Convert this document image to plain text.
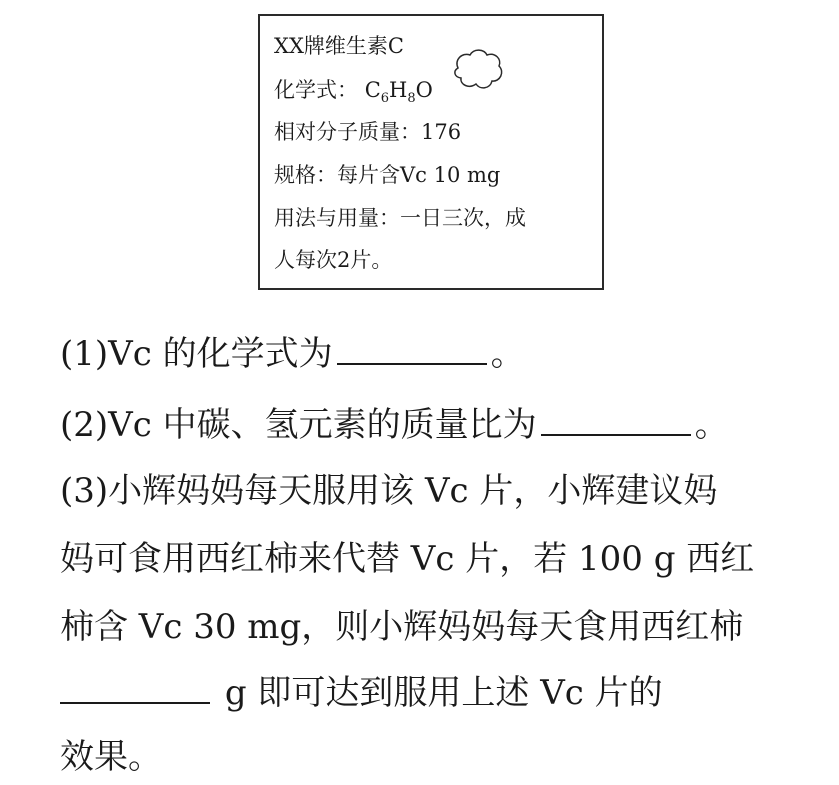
XX牌维生素C
化学式： $C_6H_8O$
相对分子质量：176
规格：每片含Vc 10 mg
用法与用量：一日三次，成
人每次2片。
(1)Vc 的化学式为	。
(2)Vc 中碳、氢元素的质量比为	。
(3)小辉妈妈每天服用该 Vc 片，小辉建议妈
妈可食用西红柿来代替 Vc 片，若 100 g 西红
柿含 Vc 30 mg，则小辉妈妈每天食用西红柿
g 即可达到服用上述 Vc 片的
效果。
